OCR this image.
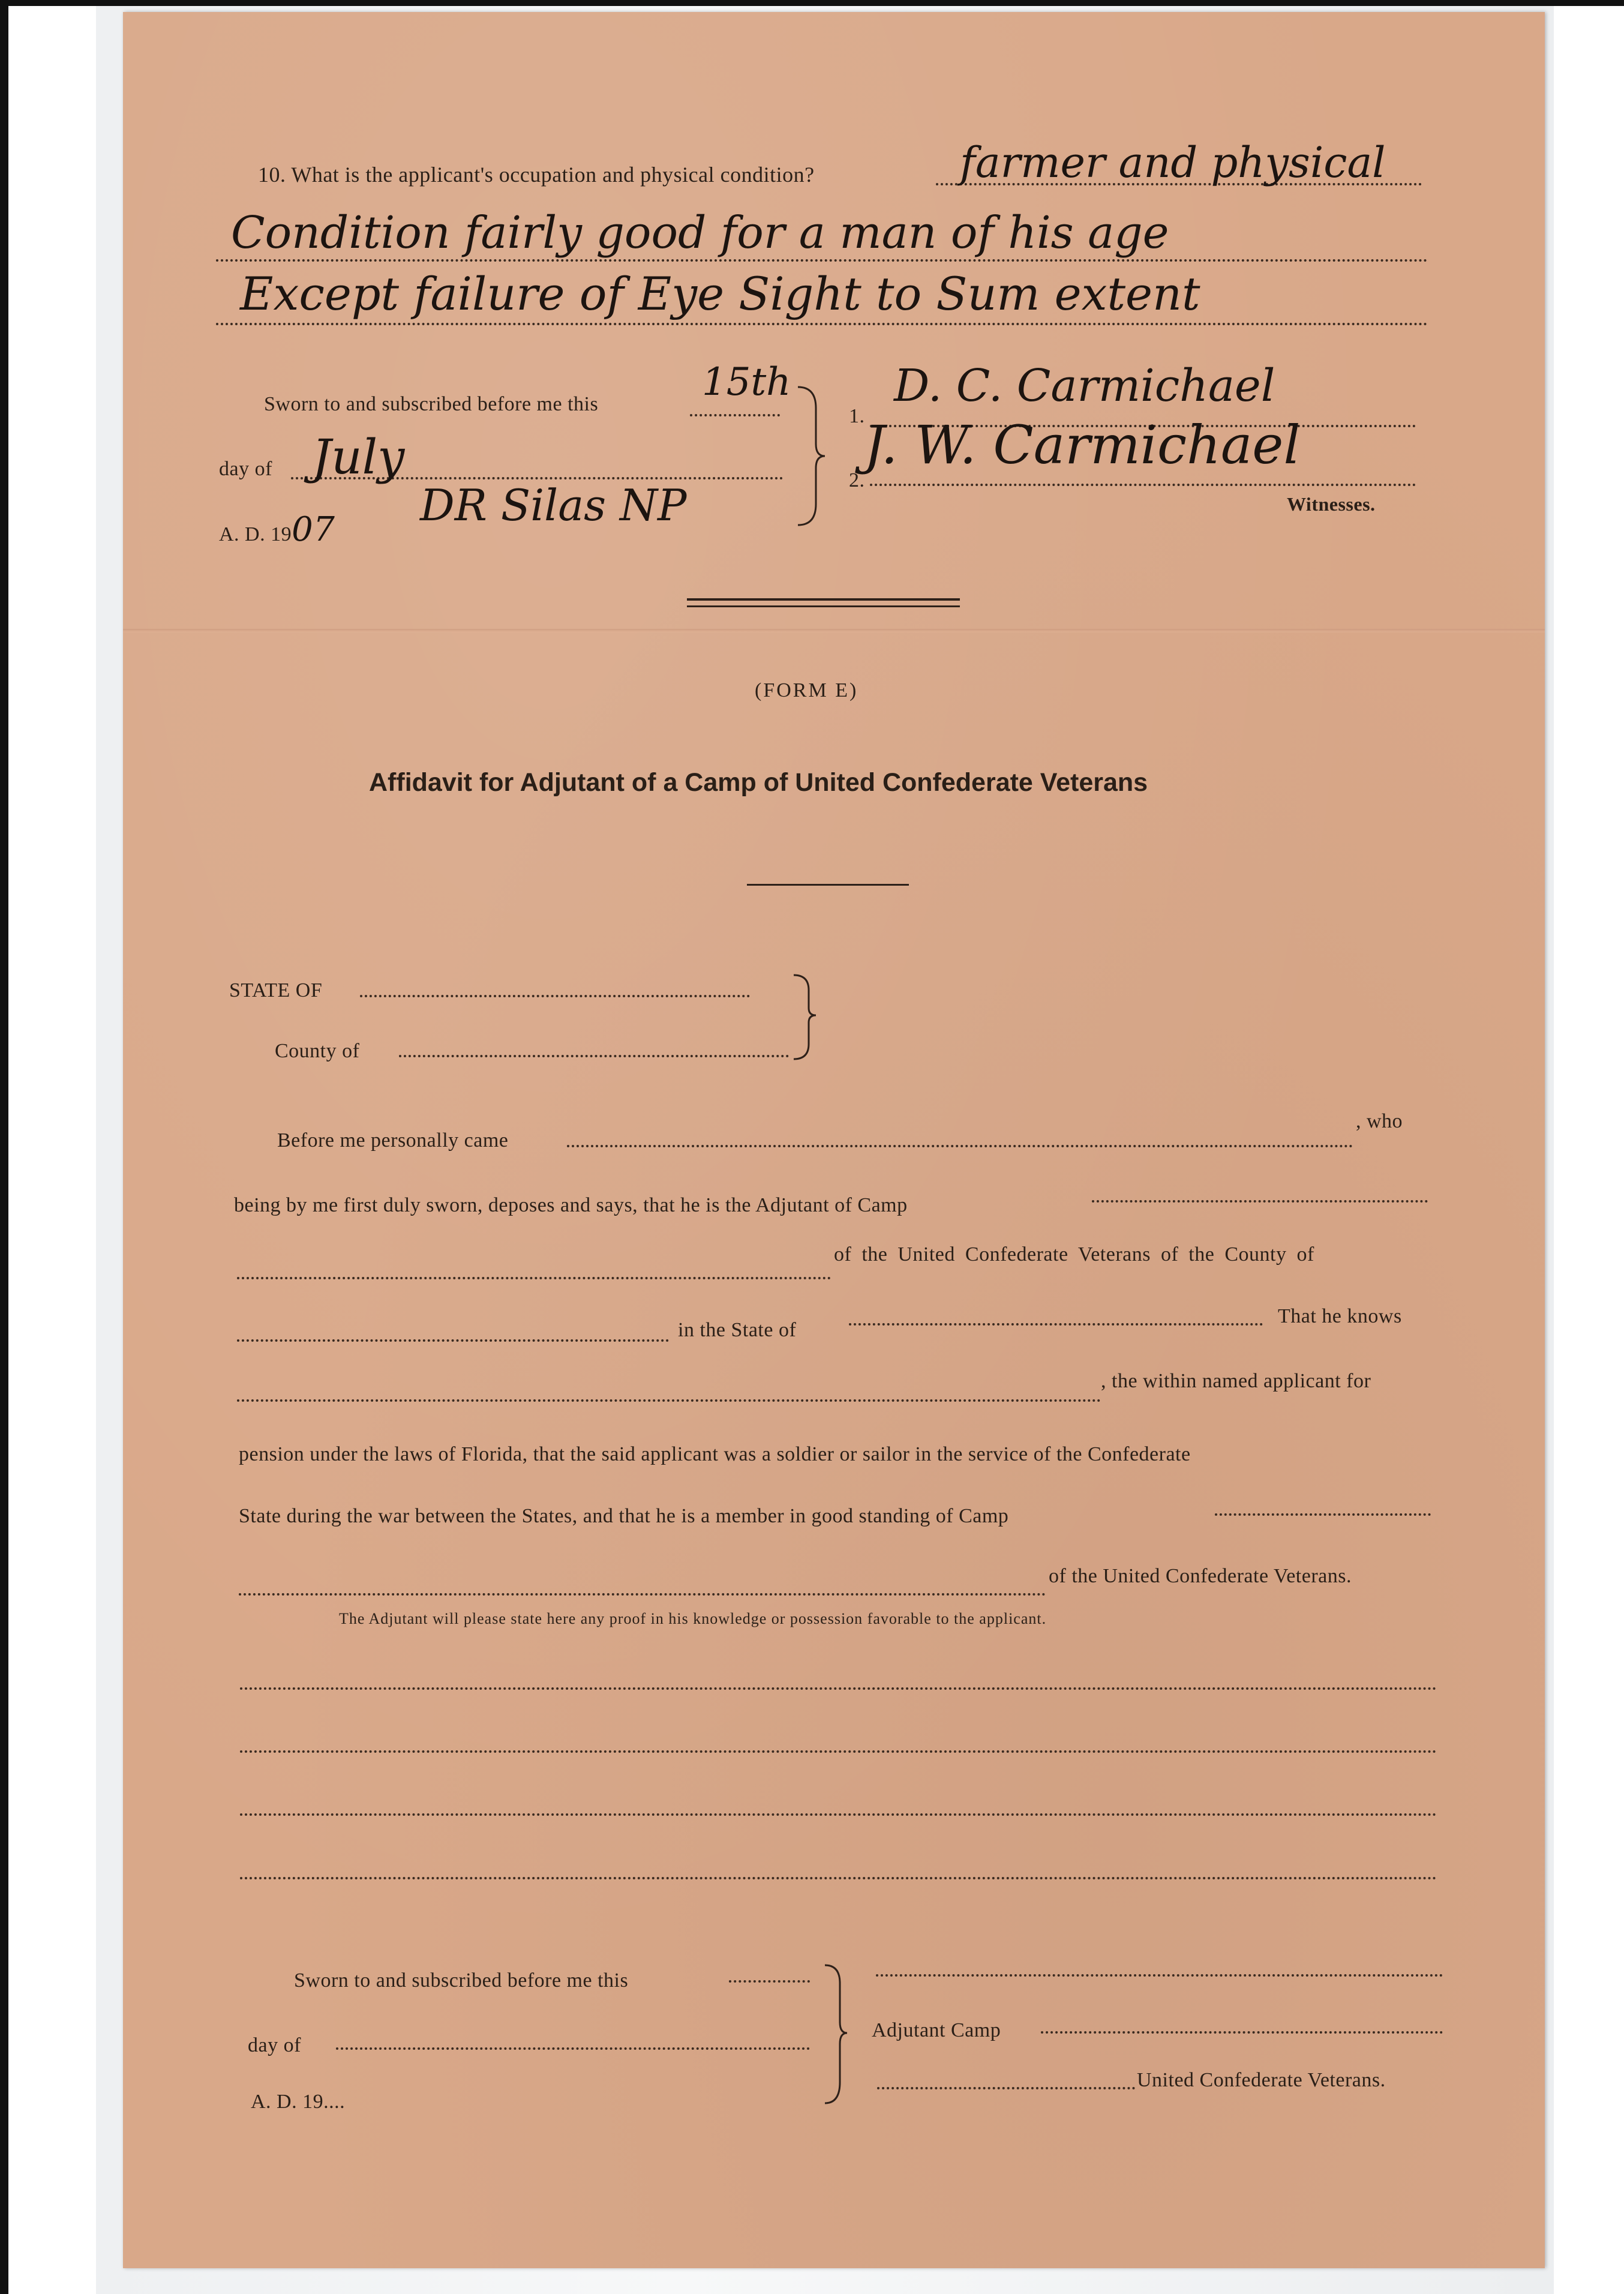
10. What is the applicant's occupation and physical condition?	farmer and physical
Condition fairly good for a man of his age
Except failure of Eye Sight to Sum extent
Sworn to and subscribed before me this	15th
day of July
A. D. 1907 DR Silas NP
1.
D. C. Carmichael
2.
J. W. Carmichael
Witnesses.
(FORM E)
Affidavit for Adjutant of a Camp of United Confederate Veterans
STATE OF
County of
Before me personally came
, who
being by me first duly sworn, deposes and says, that he is the Adjutant of Camp
of the United Confederate Veterans of the County of
in the State of
That he knows
, the within named applicant for
pension under the laws of Florida, that the said applicant was a soldier or sailor in the service of the Confederate
State during the war between the States, and that he is a member in good standing of Camp
of the United Confederate Veterans.
The Adjutant will please state here any proof in his knowledge or possession favorable to the applicant.
Sworn to and subscribed before me this
day of
A. D. 19....
Adjutant Camp
United Confederate Veterans.
